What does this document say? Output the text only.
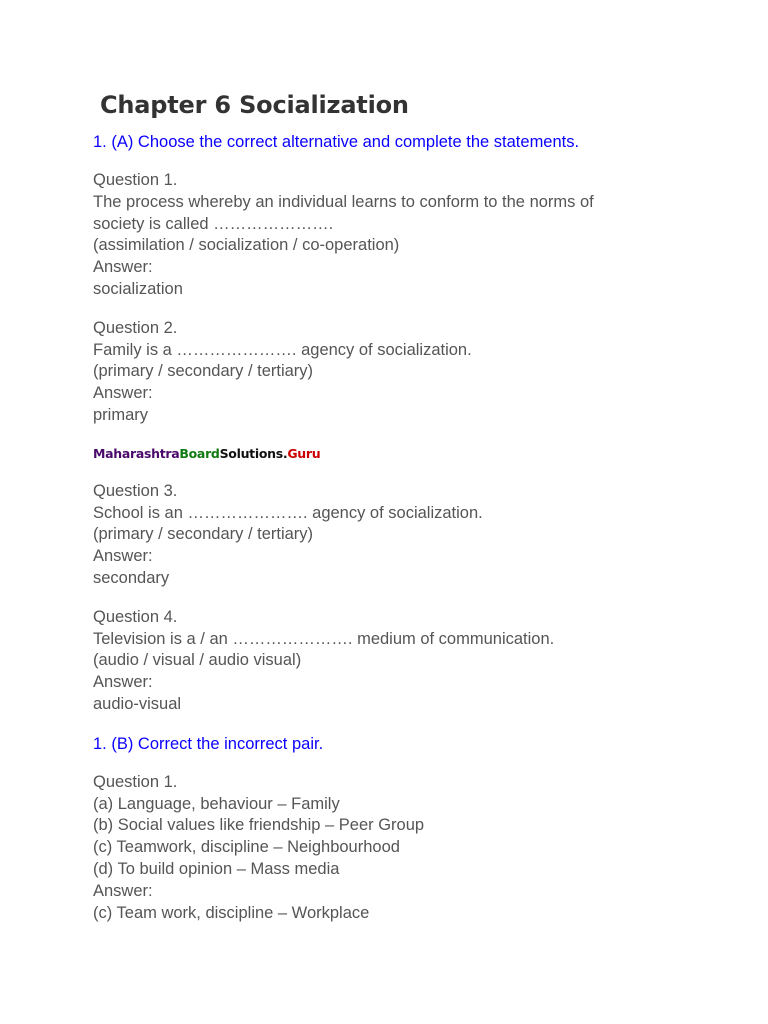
Chapter 6 Socialization
1. (A) Choose the correct alternative and complete the statements.
Question 1.
The process whereby an individual learns to conform to the norms of
society is called ………………….
(assimilation / socialization / co-operation)
Answer:
socialization
Question 2.
Family is a …………………. agency of socialization.
(primary / secondary / tertiary)
Answer:
primary
MaharashtraBoardSolutions.Guru
Question 3.
School is an …………………. agency of socialization.
(primary / secondary / tertiary)
Answer:
secondary
Question 4.
Television is a / an …………………. medium of communication.
(audio / visual / audio visual)
Answer:
audio-visual
1. (B) Correct the incorrect pair.
Question 1.
(a) Language, behaviour – Family
(b) Social values like friendship – Peer Group
(c) Teamwork, discipline – Neighbourhood
(d) To build opinion – Mass media
Answer:
(c) Team work, discipline – Workplace
